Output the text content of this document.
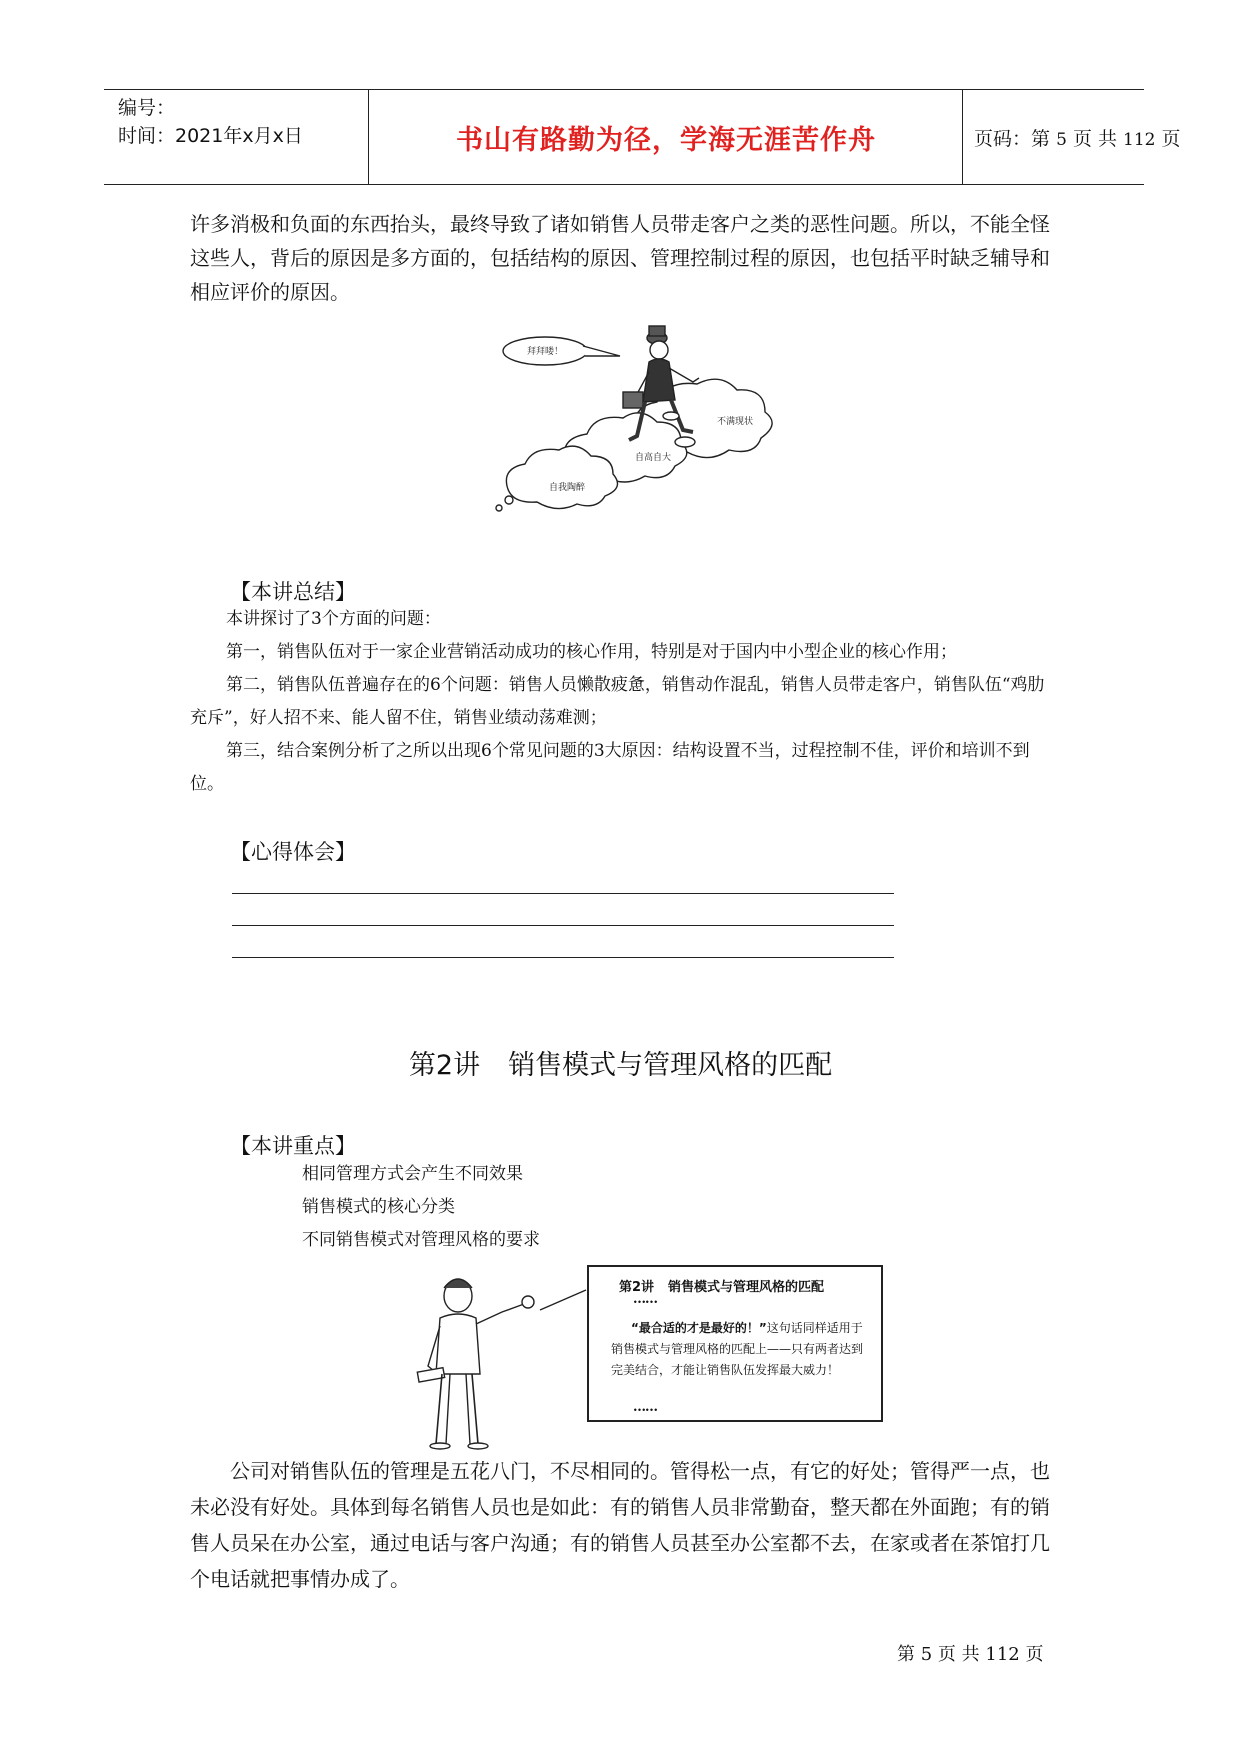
编号：
时间：2021年x月x日	书山有路勤为径，学海无涯苦作舟	页码：第 5 页 共 112 页

许多消极和负面的东西抬头，最终导致了诸如销售人员带走客户之类的恶性问题。所以，不能全怪这些人，背后的原因是多方面的，包括结构的原因、管理控制过程的原因，也包括平时缺乏辅导和相应评价的原因。

拜拜喽！
不满现状
自高自大
自我陶醉
【本讲总结】

本讲探讨了3个方面的问题：

第一，销售队伍对于一家企业营销活动成功的核心作用，特别是对于国内中小型企业的核心作用；

第二，销售队伍普遍存在的6个问题：销售人员懒散疲惫，销售动作混乱，销售人员带走客户，销售队伍“鸡肋充斥”，好人招不来、能人留不住，销售业绩动荡难测；

第三，结合案例分析了之所以出现6个常见问题的3大原因：结构设置不当，过程控制不佳，评价和培训不到位。

【心得体会】
第2讲 销售模式与管理风格的匹配
【本讲重点】
相同管理方式会产生不同效果
销售模式的核心分类
不同销售模式对管理风格的要求
第2讲 销售模式与管理风格的匹配
……
“最合适的才是最好的！”这句话同样适用于销售模式与管理风格的匹配上——只有两者达到完美结合，才能让销售队伍发挥最大威力！
……

公司对销售队伍的管理是五花八门，不尽相同的。管得松一点，有它的好处；管得严一点，也未必没有好处。具体到每名销售人员也是如此：有的销售人员非常勤奋，整天都在外面跑；有的销售人员呆在办公室，通过电话与客户沟通；有的销售人员甚至办公室都不去，在家或者在茶馆打几个电话就把事情办成了。

第 5 页 共 112 页
